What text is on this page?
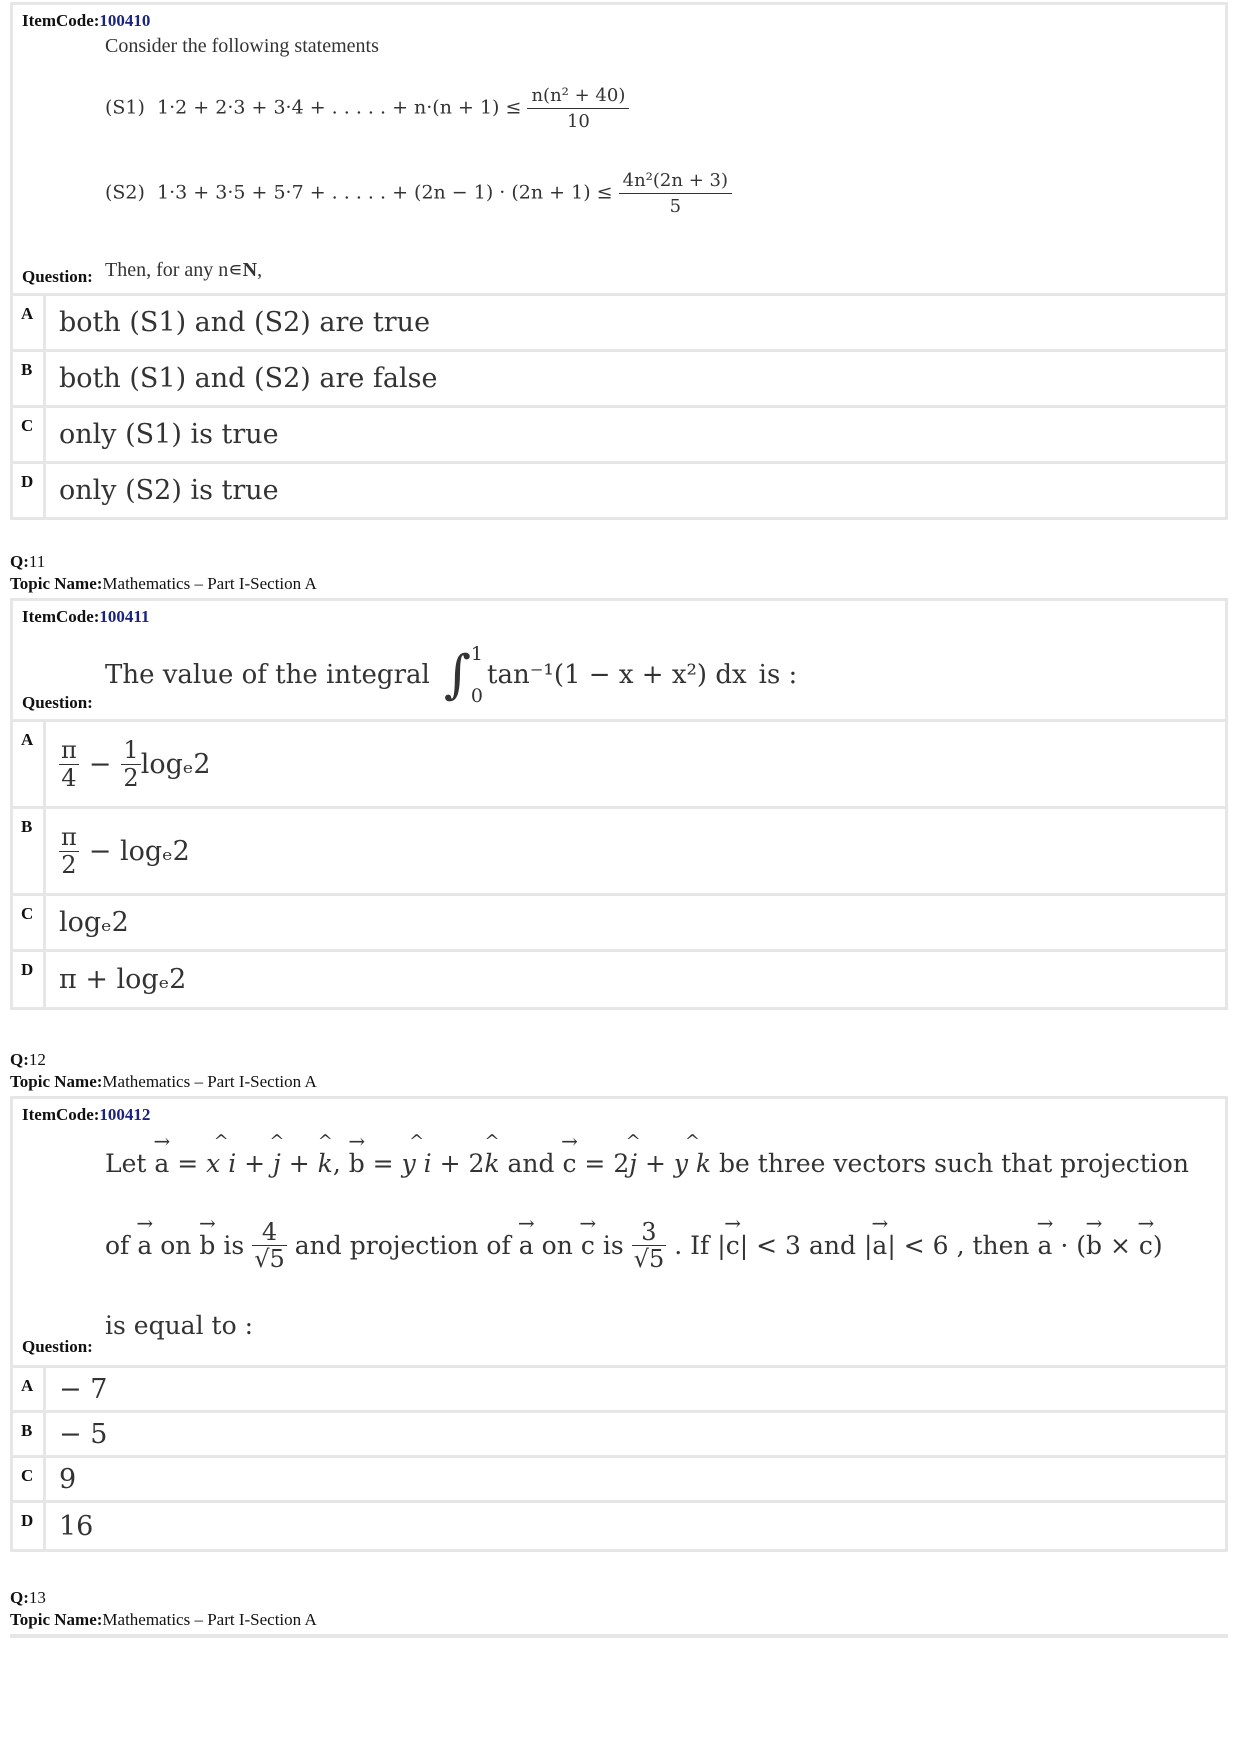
ItemCode:100410
Consider the following statements
(S1) 1·2 + 2·3 + 3·4 + . . . . . + $n\cdot(n + 1) \le \frac{\text{n(n² + 40)}}{10}$
(S2) 1·3 + 3·5 + 5·7 + . . . . . + $(2n - 1) \cdot (2n + 1) \le \frac{\text{4n²(2n + 3)}}{5}$
Question: Then, for any n∊N,
A both (S1) and (S2) are true
B both (S1) and (S2) are false
C only (S1) is true
D only (S2) is true
Q:11
Topic Name:Mathematics – Part I-Section A
ItemCode:100411
The value of the integral ∫ 1
0
tan⁻¹(1 − x + x²) dx is :
Question:
A	$\frac{\pi}{4} - \frac{1}{2} \log_e2$
B	$\frac{\pi}{2} - \log_e2$
C logₑ2
D π + logₑ2
Q:12
Topic Name:Mathematics – Part I-Section A
ItemCode:100412
Let → a = ^ x i + ^ j + ^ k, → b = ^ y i + 2^ k and → c = 2^ j + ^ y k be three vectors such that projection
of → a on → b is $\frac{4}{√5}$ and projection of → a on → c is $\frac{3}{√5}$ . If |→ c| < 3 and |→ a| < 6 , then → a · (→ b × → c)
is equal to :
Question:
A − 7
B − 5
C 9
D 16
Q:13
Topic Name:Mathematics – Part I-Section A
